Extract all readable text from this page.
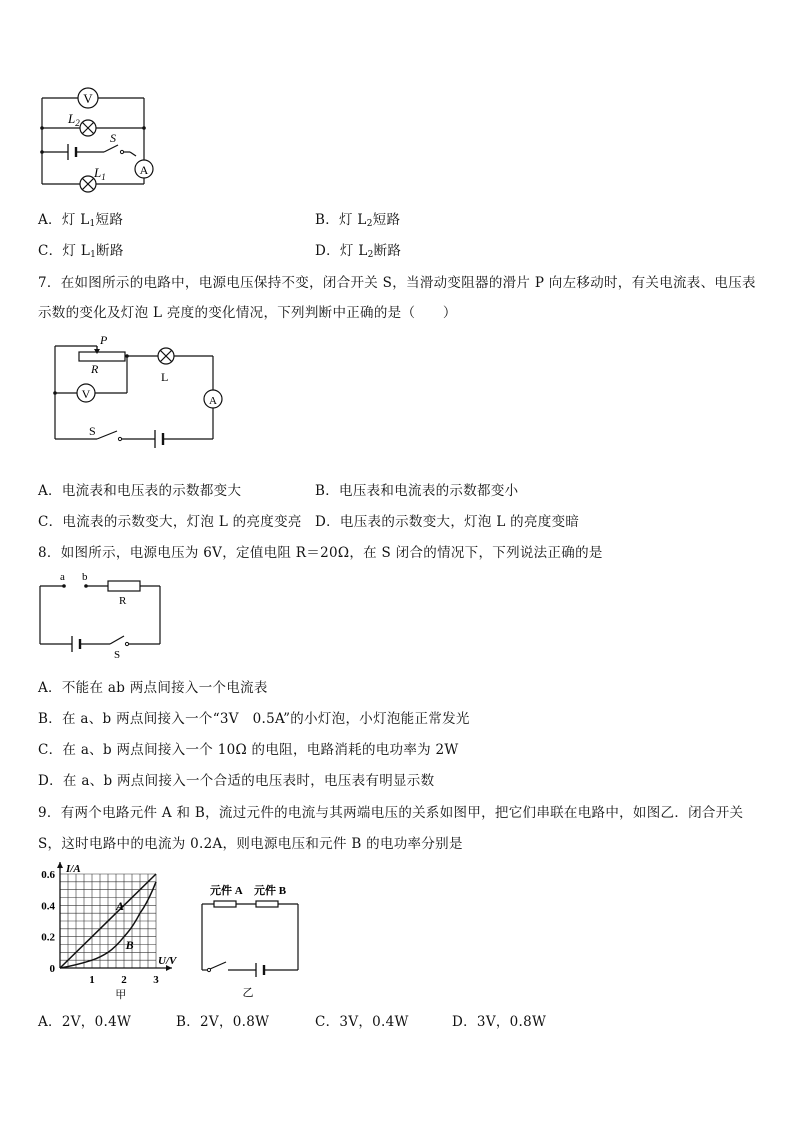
V
$L_2$
S
A
$L_1$
A．灯 $L_1$短路	B．灯 $L_2$短路
C．灯 $L_1$断路	D．灯 $L_2$断路
7．在如图所示的电路中，电源电压保持不变，闭合开关 S，当滑动变阻器的滑片 P 向左移动时，有关电流表、电压表
示数的变化及灯泡 L 亮度的变化情况，下列判断中正确的是（　　）
P
R
L
V	A
S
A．电流表和电压表的示数都变大	B．电压表和电流表的示数都变小
C．电流表的示数变大，灯泡 L 的亮度变亮 D．电压表的示数变大，灯泡 L 的亮度变暗
8．如图所示，电源电压为 6V，定值电阻 R＝20Ω，在 S 闭合的情况下，下列说法正确的是
a b
R
S
A．不能在 ab 两点间接入一个电流表
B．在 a、b 两点间接入一个“3V　0.5A”的小灯泡，小灯泡能正常发光
C．在 a、b 两点间接入一个 10Ω 的电阻，电路消耗的电功率为 2W
D．在 a、b 两点间接入一个合适的电压表时，电压表有明显示数
9．有两个电路元件 A 和 B，流过元件的电流与其两端电压的关系如图甲，把它们串联在电路中，如图乙．闭合开关
S，这时电路中的电流为 0.2A，则电源电压和元件 B 的电功率分别是
1 2 3
0
0.2
0.4
0.6 I/A
U/V
A
B
甲
元件 A 元件 B
乙
A．2V，0.4W	B．2V，0.8W	C．3V，0.4W	D．3V，0.8W
